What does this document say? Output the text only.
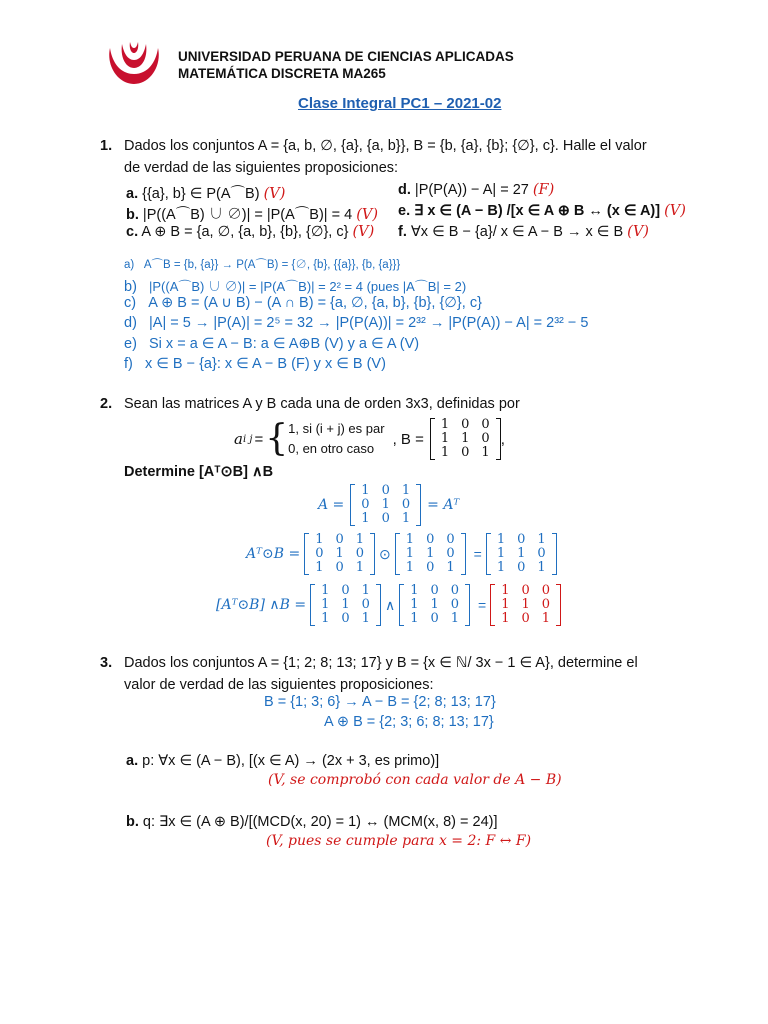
UNIVERSIDAD PERUANA DE CIENCIAS APLICADAS
MATEMÁTICA DISCRETA MA265
Clase Integral PC1 – 2021-02
1. Dados los conjuntos A = {a, b, ∅, {a}, {a, b}}, B = {b, {a}, {b}; {∅}, c}. Halle el valor
de verdad de las siguientes proposiciones:
a. {{a}, b} ∈ P(A⌒B) (V)
b. |P((A⌒B) ∪ ∅)| = |P(A⌒B)| = 4 (V)
c. A ⊕ B = {a, ∅, {a, b}, {b}, {∅}, c} (V)
d. |P(P(A)) − A| = 27 (F)
e. ∃ x ∈ (A − B) /[x ∈ A ⊕ B ↔ (x ∈ A)] (V)
f. ∀x ∈ B − {a}/ x ∈ A − B → x ∈ B (V)
a) A⌒B = {b, {a}} → P(A⌒B) = {∅, {b}, {{a}}, {b, {a}}}
b) |P((A⌒B) ∪ ∅)| = |P(A⌒B)| = 2² = 4 (pues |A⌒B| = 2)
c) A ⊕ B = (A ∪ B) − (A ∩ B) = {a, ∅, {a, b}, {b}, {∅}, c}
d) |A| = 5 → |P(A)| = 2⁵ = 32 → |P(P(A))| = 2³² → |P(P(A)) − A| = 2³² − 5
e) Si x = a ∈ A − B: a ∈ A⊕B (V) y a ∈ A (V)
f) x ∈ B − {a}: x ∈ A − B (F) y x ∈ B (V)
2. Sean las matrices A y B cada una de orden 3x3, definidas por
a i j = { 1, si (i + j) es par
0, en otro caso
, B =
1	0	0
1	1	0
1	0	1
,
Determine [Aᵀ⊙B] ∧B
A =
1	0	1
0	1	0
1	0	1
= Aᵀ
Aᵀ⊙B =
1	0	1
0	1	0
1	0	1
⊙
1	0	0
1	1	0
1	0	1
=
1	0	1
1	1	0
1	0	1
[Aᵀ⊙B] ∧B =
1	0	1
1	1	0
1	0	1
∧
1	0	0
1	1	0
1	0	1
=
1	0	0
1	1	0
1	0	1
3. Dados los conjuntos A = {1; 2; 8; 13; 17} y B = {x ∈ ℕ/ 3x − 1 ∈ A}, determine el
valor de verdad de las siguientes proposiciones:
B = {1; 3; 6} → A − B = {2; 8; 13; 17}
A ⊕ B = {2; 3; 6; 8; 13; 17}
a. p: ∀x ∈ (A − B), [(x ∈ A) → (2x + 3, es primo)]
(V, se comprobó con cada valor de A − B)
b. q: ∃x ∈ (A ⊕ B)/[(MCD(x, 20) = 1) ↔ (MCM(x, 8) = 24)]
(V, pues se cumple para x = 2: F ↔ F)
